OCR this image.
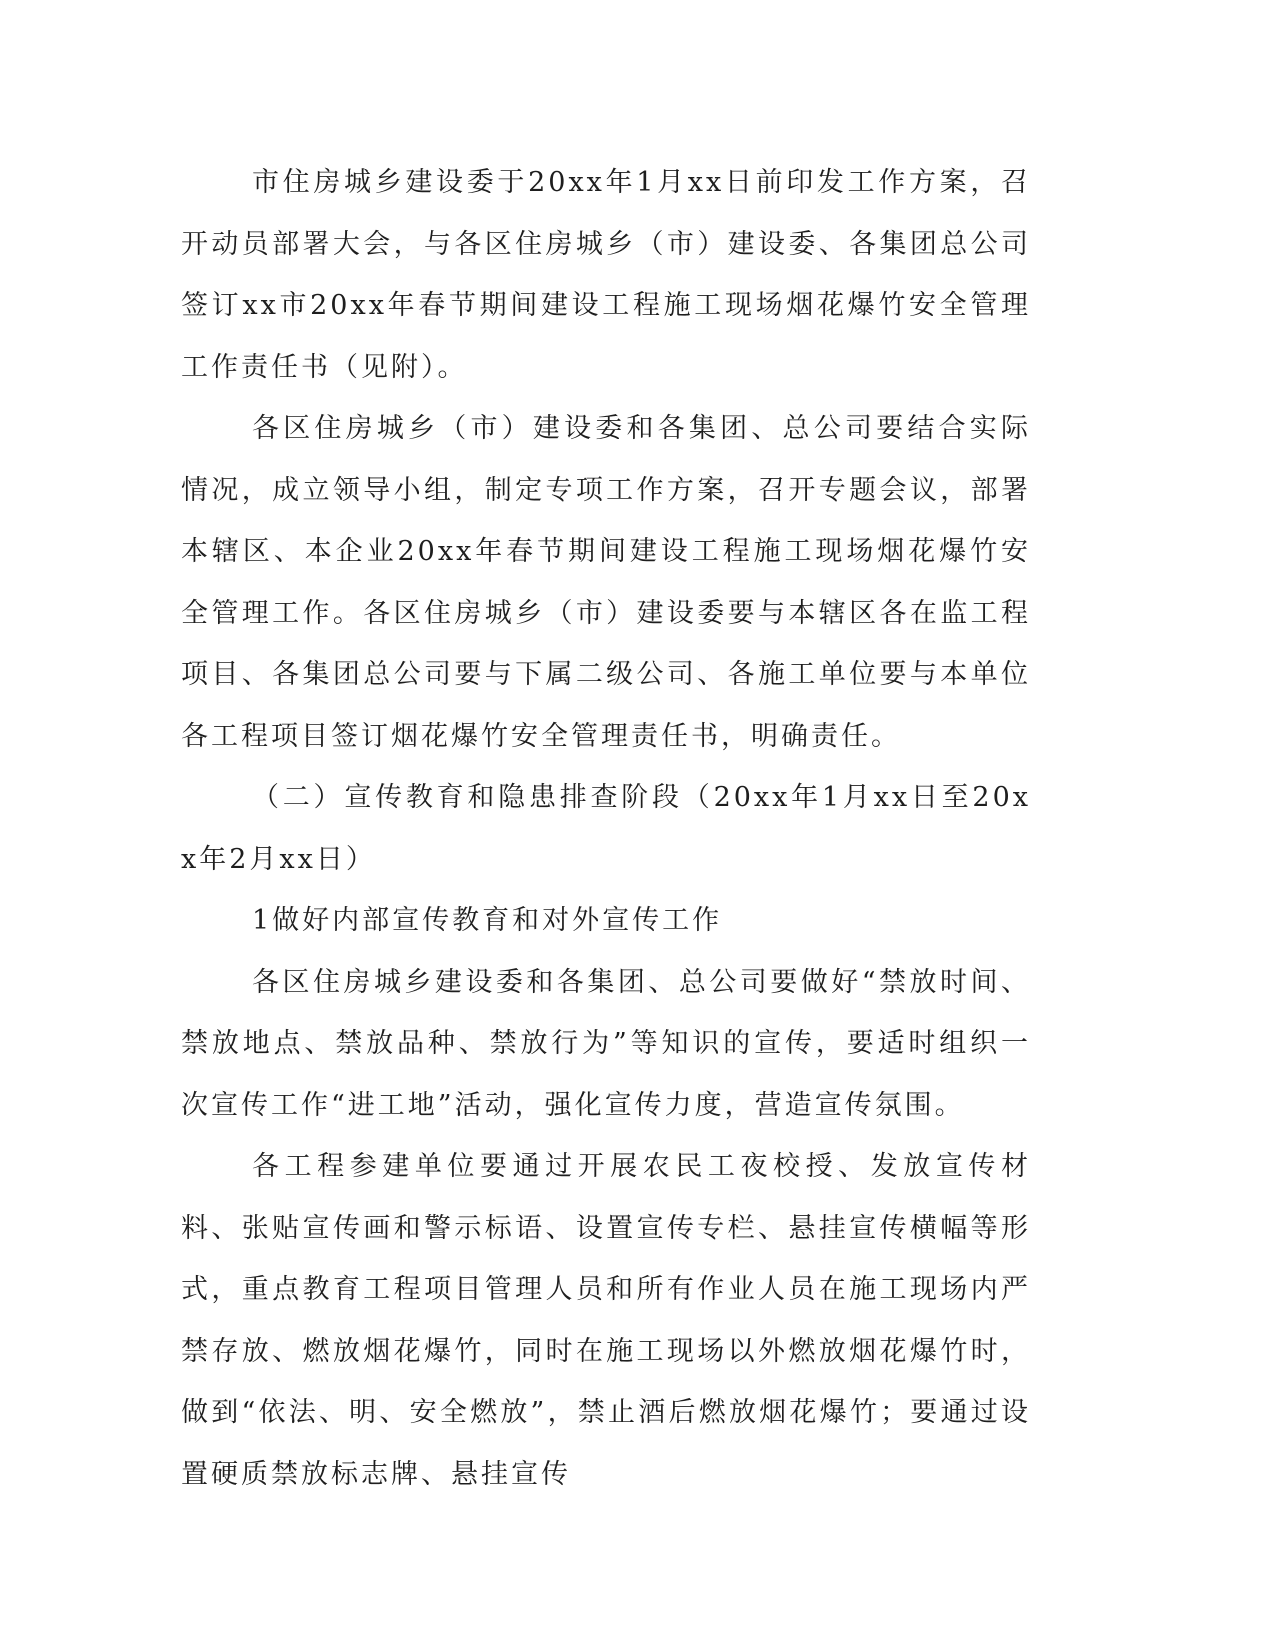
市住房城乡建设委于20xx年1月xx日前印发工作方案，召开动员部署大会，与各区住房城乡（市）建设委、各集团总公司签订xx市20xx年春节期间建设工程施工现场烟花爆竹安全管理工作责任书（见附）。

各区住房城乡（市）建设委和各集团、总公司要结合实际情况，成立领导小组，制定专项工作方案，召开专题会议，部署本辖区、本企业20xx年春节期间建设工程施工现场烟花爆竹安全管理工作。各区住房城乡（市）建设委要与本辖区各在监工程项目、各集团总公司要与下属二级公司、各施工单位要与本单位各工程项目签订烟花爆竹安全管理责任书，明确责任。

（二）宣传教育和隐患排查阶段（20xx年1月xx日至20xx年2月xx日）

1做好内部宣传教育和对外宣传工作

各区住房城乡建设委和各集团、总公司要做好“禁放时间、禁放地点、禁放品种、禁放行为”等知识的宣传，要适时组织一次宣传工作“进工地”活动，强化宣传力度，营造宣传氛围。

各工程参建单位要通过开展农民工夜校授、发放宣传材料、张贴宣传画和警示标语、设置宣传专栏、悬挂宣传横幅等形式，重点教育工程项目管理人员和所有作业人员在施工现场内严禁存放、燃放烟花爆竹，同时在施工现场以外燃放烟花爆竹时，做到“依法、明、安全燃放”，禁止酒后燃放烟花爆竹；要通过设置硬质禁放标志牌、悬挂宣传
